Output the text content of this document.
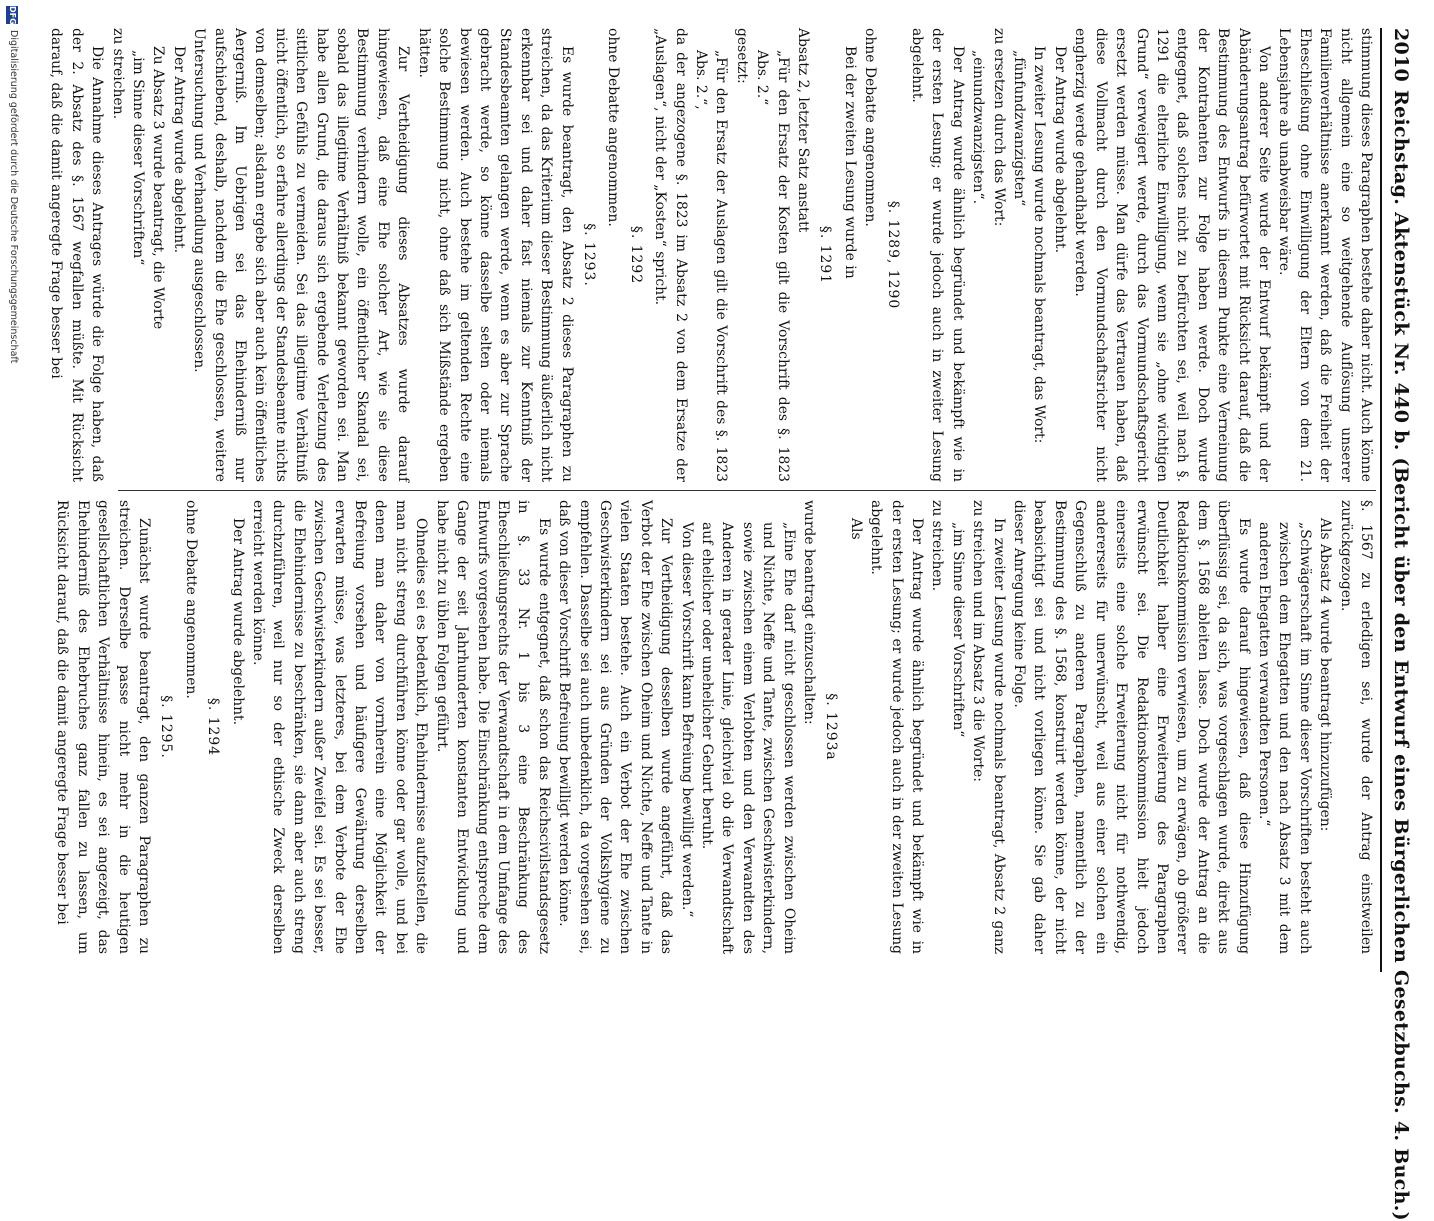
2010
Reichstag. Aktenstück Nr. 440 b. (Bericht über den Entwurf eines Bürgerlichen Gesetzbuchs. 4. Buch.)

stimmung dieses Paragraphen bestehe daher nicht. Auch könne nicht allgemein eine so weitgehende Auflösung unserer Familienverhältnisse anerkannt werden, daß die Freiheit der Eheschließung ohne Einwilligung der Eltern von dem 21. Lebensjahre ab unabweisbar wäre.

Von anderer Seite wurde der Entwurf bekämpft und der Abänderungsantrag befürwortet mit Rücksicht darauf, daß die Bestimmung des Entwurfs in diesem Punkte eine Verneinung der Kontrahenten zur Folge haben werde. Doch wurde entgegnet, daß solches nicht zu befürchten sei, weil nach §. 1291 die elterliche Einwilligung, wenn sie „ohne wichtigen Grund“ verweigert werde, durch das Vormundschaftsgericht ersetzt werden müsse. Man dürfe das Vertrauen haben, daß diese Vollmacht durch den Vormundschaftsrichter nicht engherzig werde gehandhabt werden.

Der Antrag wurde abgelehnt.

In zweiter Lesung wurde nochmals beantragt, das Wort:

„fünfundzwanzigsten“

zu ersetzen durch das Wort:

„einundzwanzigsten“.

Der Antrag wurde ähnlich begründet und bekämpft wie in der ersten Lesung; er wurde jedoch auch in zweiter Lesung abgelehnt.

§. 1289, 1290

ohne Debatte angenommen.

Bei der zweiten Lesung wurde in

§. 1291

Absatz 2, letzter Satz anstatt

„Für den Ersatz der Kosten gilt die Vorschrift des §. 1823 Abs. 2.“

gesetzt:

„Für den Ersatz der Auslagen gilt die Vorschrift des §. 1823 Abs. 2.“,

da der angezogene §. 1823 im Absatz 2 von dem Ersatze der „Auslagen“, nicht der „Kosten“ spricht.

§. 1292

ohne Debatte angenommen.

§. 1293.

Es wurde beantragt, den Absatz 2 dieses Paragraphen zu streichen, da das Kriterium dieser Bestimmung äußerlich nicht erkennbar sei und daher fast niemals zur Kenntniß der Standesbeamten gelangen werde, wenn es aber zur Sprache gebracht werde, so könne dasselbe selten oder niemals bewiesen werden. Auch bestehe im geltenden Rechte eine solche Bestimmung nicht, ohne daß sich Mißstände ergeben hätten.

Zur Vertheidigung dieses Absatzes wurde darauf hingewiesen, daß eine Ehe solcher Art, wie sie diese Bestimmung verhindern wolle, ein öffentlicher Skandal sei, sobald das illegitime Verhältniß bekannt geworden sei. Man habe allen Grund, die daraus sich ergebende Verletzung des sittlichen Gefühls zu vermeiden. Sei das illegitime Verhältniß nicht öffentlich, so erfahre allerdings der Standesbeamte nichts von demselben; alsdann ergebe sich aber auch kein öffentliches Aergerniß. Im Uebrigen sei das Ehehinderniß nur aufschiebend, deshalb, nachdem die Ehe geschlossen, weitere Untersuchung und Verhandlung ausgeschlossen.

Der Antrag wurde abgelehnt.

Zu Absatz 3 wurde beantragt, die Worte

„im Sinne dieser Vorschriften“

zu streichen.

Die Annahme dieses Antrages würde die Folge haben, daß der 2. Absatz des §. 1567 wegfallen müßte. Mit Rücksicht darauf, daß die damit angeregte Frage besser bei

§. 1567 zu erledigen sei, wurde der Antrag einstweilen zurückgezogen.

Als Absatz 4 wurde beantragt hinzuzufügen:

„Schwägerschaft im Sinne dieser Vorschriften besteht auch zwischen dem Ehegatten und den nach Absatz 3 mit dem anderen Ehegatten verwandten Personen.“

Es wurde darauf hingewiesen, daß diese Hinzufügung überflüssig sei, da sich, was vorgeschlagen wurde, direkt aus dem §. 1568 ableiten lasse. Doch wurde der Antrag an die Redaktionskommission verwiesen, um zu erwägen, ob größerer Deutlichkeit halber eine Erweiterung des Paragraphen erwünscht sei. Die Redaktionskommission hielt jedoch einerseits eine solche Erweiterung nicht für nothwendig, andererseits für unerwünscht, weil aus einer solchen ein Gegenschluß zu anderen Paragraphen, namentlich zu der Bestimmung des §. 1568, konstruirt werden könne, der nicht beabsichtigt sei und nicht vorliegen könne. Sie gab daher dieser Anregung keine Folge.

In zweiter Lesung wurde nochmals beantragt, Absatz 2 ganz zu streichen und im Absatz 3 die Worte:

„im Sinne dieser Vorschriften“

zu streichen.

Der Antrag wurde ähnlich begründet und bekämpft wie in der ersten Lesung; er wurde jedoch auch in der zweiten Lesung abgelehnt.

Als

§. 1293a

wurde beantragt einzuschalten:

„Eine Ehe darf nicht geschlossen werden zwischen Oheim und Nichte, Neffe und Tante, zwischen Geschwisterkindern, sowie zwischen einem Verlobten und den Verwandten des Anderen in gerader Linie, gleichviel ob die Verwandtschaft auf ehelicher oder unehelicher Geburt beruht.

Von dieser Vorschrift kann Befreiung bewilligt werden.“

Zur Vertheidigung desselben wurde angeführt, daß das Verbot der Ehe zwischen Oheim und Nichte, Neffe und Tante in vielen Staaten bestehe. Auch ein Verbot der Ehe zwischen Geschwisterkindern sei aus Gründen der Volkshygiene zu empfehlen. Dasselbe sei auch unbedenklich, da vorgesehen sei, daß von dieser Vorschrift Befreiung bewilligt werden könne.

Es wurde entgegnet, daß schon das Reichscivilstandsgesetz in §. 33 Nr. 1 bis 3 eine Beschränkung des Eheschließungsrechts der Verwandtschaft in dem Umfange des Entwurfs vorgesehen habe. Die Einschränkung entspreche dem Gange der seit Jahrhunderten konstanten Entwicklung und habe nicht zu üblen Folgen geführt.

Ohnedies sei es bedenklich, Ehehindernisse aufzustellen, die man nicht streng durchführen könne oder gar wolle, und bei denen man daher von vornherein eine Möglichkeit der Befreiung vorsehen und häufigere Gewährung derselben erwarten müsse, was letzteres, bei dem Verbote der Ehe zwischen Geschwisterkindern außer Zweifel sei. Es sei besser, die Ehehindernisse zu beschränken, sie dann aber auch streng durchzuführen, weil nur so der ethische Zweck derselben erreicht werden könne.

Der Antrag wurde abgelehnt.

§. 1294

ohne Debatte angenommen.

§. 1295.

Zunächst wurde beantragt, den ganzen Paragraphen zu streichen. Derselbe passe nicht mehr in die heutigen gesellschaftlichen Verhältnisse hinein, es sei angezeigt, das Ehehinderniß des Ehebruches ganz fallen zu lassen, um Rücksicht darauf, daß die damit angeregte Frage besser bei

DFG
Digitalisierung gefördert durch die Deutsche Forschungsgemeinschaft
